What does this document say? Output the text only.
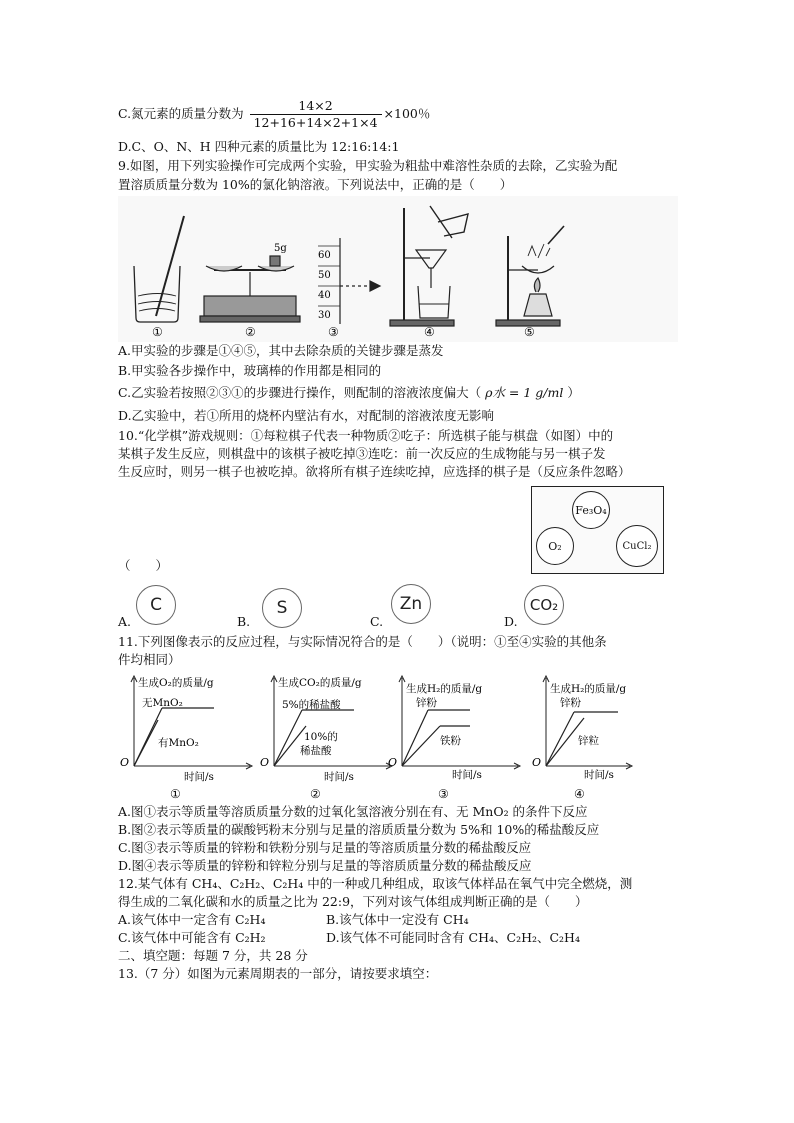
C.氮元素的质量分数为 $\frac{14\times 2}{12+16+14\times 2+1\times 4} \times 100$％
D.C、O、N、H 四种元素的质量比为 12:16:14:1
9.如图，用下列实验操作可完成两个实验，甲实验为粗盐中难溶性杂质的去除，乙实验为配
置溶质质量分数为 10%的氯化钠溶液。下列说法中，正确的是（　　）
①
5g
②
60
50
40
30
③	④	⑤
A.甲实验的步骤是①④⑤，其中去除杂质的关键步骤是蒸发
B.甲实验各步操作中，玻璃棒的作用都是相同的
C.乙实验若按照②③①的步骤进行操作，则配制的溶液浓度偏大（ ρ水 = 1 g/ml ）
D.乙实验中，若①所用的烧杯内壁沾有水，对配制的溶液浓度无影响
10.“化学棋”游戏规则：①每粒棋子代表一种物质②吃子：所选棋子能与棋盘（如图）中的
某棋子发生反应，则棋盘中的该棋子被吃掉③连吃：前一次反应的生成物能与另一棋子发
生反应时，则另一棋子也被吃掉。欲将所有棋子连续吃掉，应选择的棋子是（反应条件忽略）
Fe₃O₄
O₂	CuCl₂
（　　）
A.
C
B.
S
C.
Zn
D.
CO₂
11.下列图像表示的反应过程，与实际情况符合的是（　　）（说明：①至④实验的其他条
件均相同）
生成O₂的质量/g
无MnO₂
有MnO₂
O
时间/s
①
生成CO₂的质量/g
5%的稀盐酸
10%的
稀盐酸
O
时间/s
②
生成H₂的质量/g
锌粉
铁粉
O
时间/s
③
生成H₂的质量/g
锌粉
锌粒
O
时间/s
④
A.图①表示等质量等溶质质量分数的过氧化氢溶液分别在有、无 MnO₂ 的条件下反应
B.图②表示等质量的碳酸钙粉末分别与足量的溶质质量分数为 5%和 10%的稀盐酸反应
C.图③表示等质量的锌粉和铁粉分别与足量的等溶质质量分数的稀盐酸反应
D.图④表示等质量的锌粉和锌粒分别与足量的等溶质质量分数的稀盐酸反应
12.某气体有 CH₄、C₂H₂、C₂H₄ 中的一种或几种组成，取该气体样品在氧气中完全燃烧，测
得生成的二氧化碳和水的质量之比为 22:9，下列对该气体组成判断正确的是（　　）
A.该气体中一定含有 C₂H₄	B.该气体中一定没有 CH₄
C.该气体中可能含有 C₂H₂	D.该气体不可能同时含有 CH₄、C₂H₂、C₂H₄
二、填空题：每题 7 分，共 28 分
13.（7 分）如图为元素周期表的一部分，请按要求填空：
